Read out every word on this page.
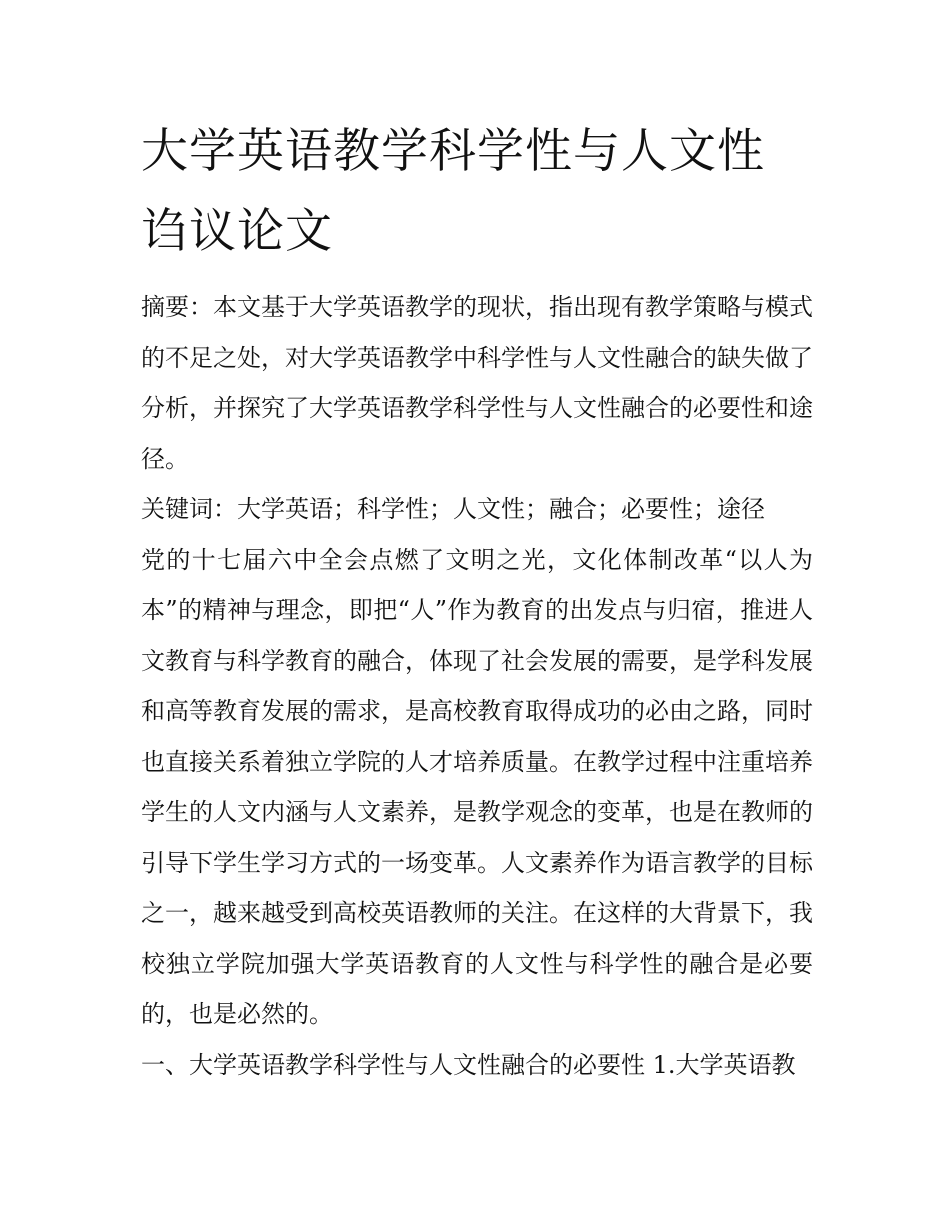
大学英语教学科学性与人文性
诌议论文

摘要：本文基于大学英语教学的现状，指出现有教学策略与模式的不足之处，对大学英语教学中科学性与人文性融合的缺失做了分析，并探究了大学英语教学科学性与人文性融合的必要性和途径。

关键词：大学英语；科学性；人文性；融合；必要性；途径

党的十七届六中全会点燃了文明之光，文化体制改革“以人为本”的精神与理念，即把“人”作为教育的出发点与归宿，推进人文教育与科学教育的融合，体现了社会发展的需要，是学科发展和高等教育发展的需求，是高校教育取得成功的必由之路，同时也直接关系着独立学院的人才培养质量。在教学过程中注重培养学生的人文内涵与人文素养，是教学观念的变革，也是在教师的引导下学生学习方式的一场变革。人文素养作为语言教学的目标之一，越来越受到高校英语教师的关注。在这样的大背景下，我校独立学院加强大学英语教育的人文性与科学性的融合是必要的，也是必然的。

一、大学英语教学科学性与人文性融合的必要性 1.大学英语教
